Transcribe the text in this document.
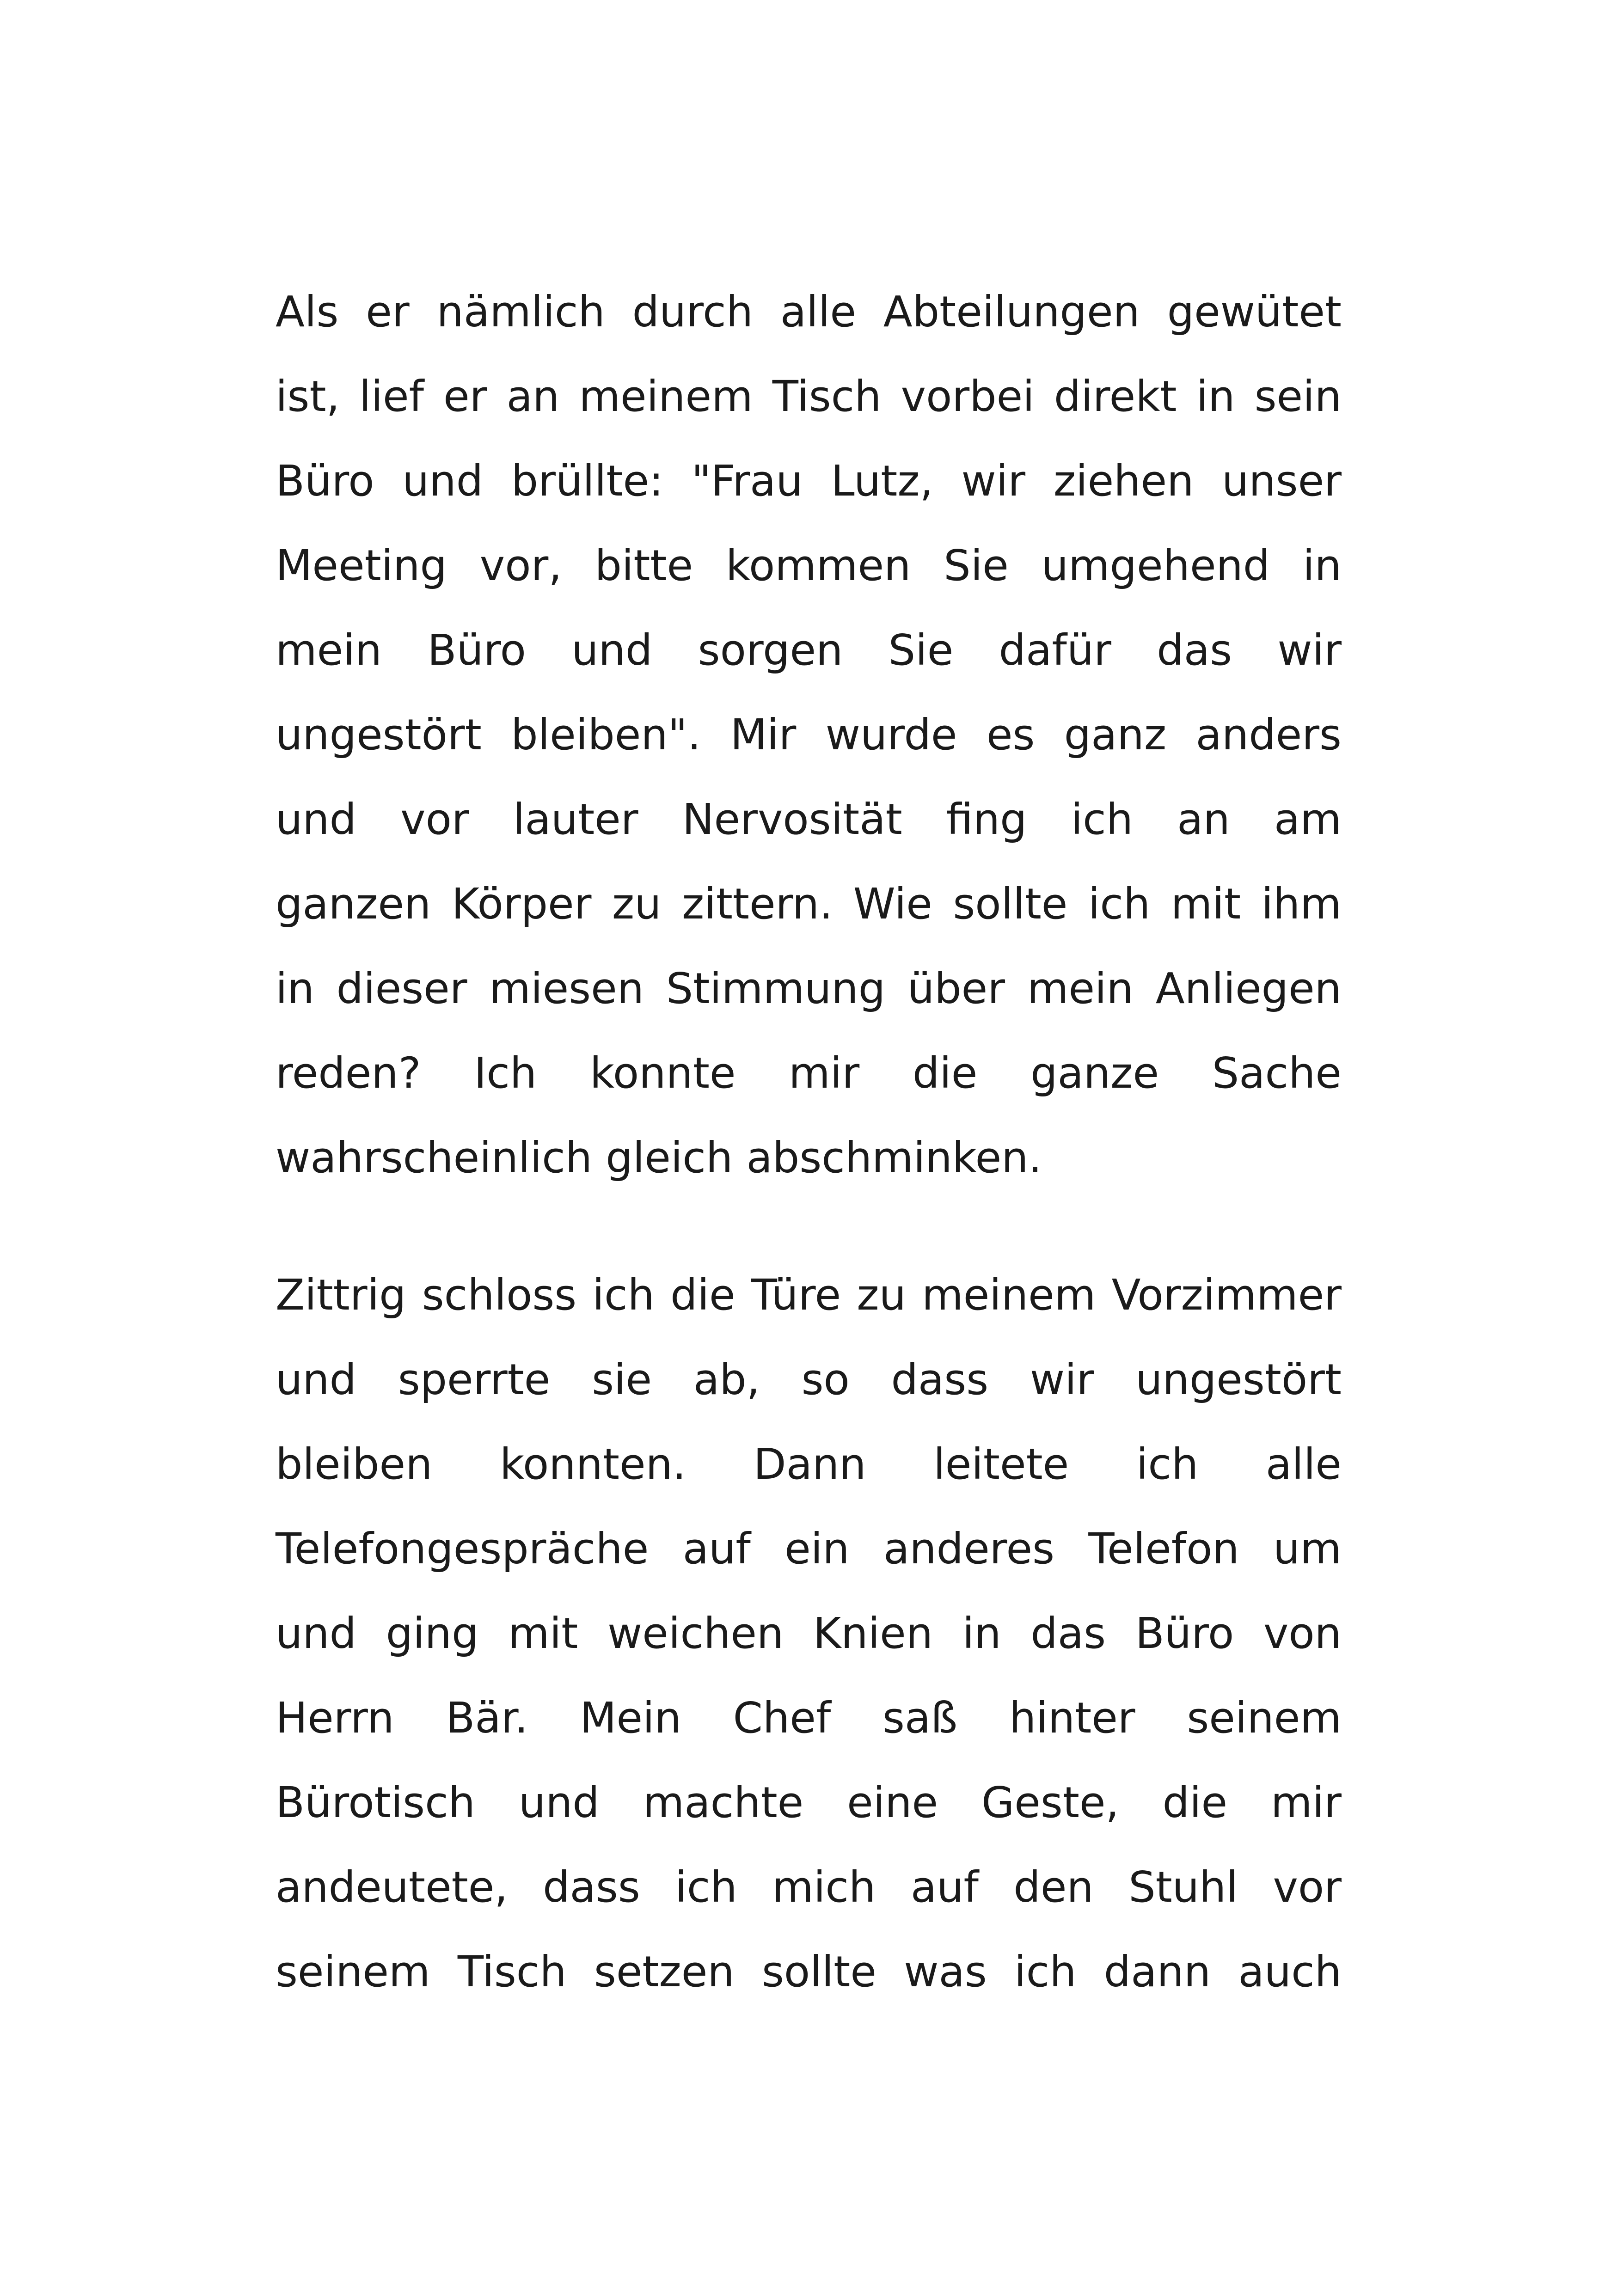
Als er nämlich durch alle Abteilungen gewütet
ist, lief er an meinem Tisch vorbei direkt in sein
Büro und brüllte: "Frau Lutz, wir ziehen unser
Meeting vor, bitte kommen Sie umgehend in
mein Büro und sorgen Sie dafür das wir
ungestört bleiben". Mir wurde es ganz anders
und vor lauter Nervosität fing ich an am
ganzen Körper zu zittern. Wie sollte ich mit ihm
in dieser miesen Stimmung über mein Anliegen
reden? Ich konnte mir die ganze Sache
wahrscheinlich gleich abschminken.
Zittrig schloss ich die Türe zu meinem Vorzimmer
und sperrte sie ab, so dass wir ungestört
bleiben konnten. Dann leitete ich alle
Telefongespräche auf ein anderes Telefon um
und ging mit weichen Knien in das Büro von
Herrn Bär. Mein Chef saß hinter seinem
Bürotisch und machte eine Geste, die mir
andeutete, dass ich mich auf den Stuhl vor
seinem Tisch setzen sollte was ich dann auch
